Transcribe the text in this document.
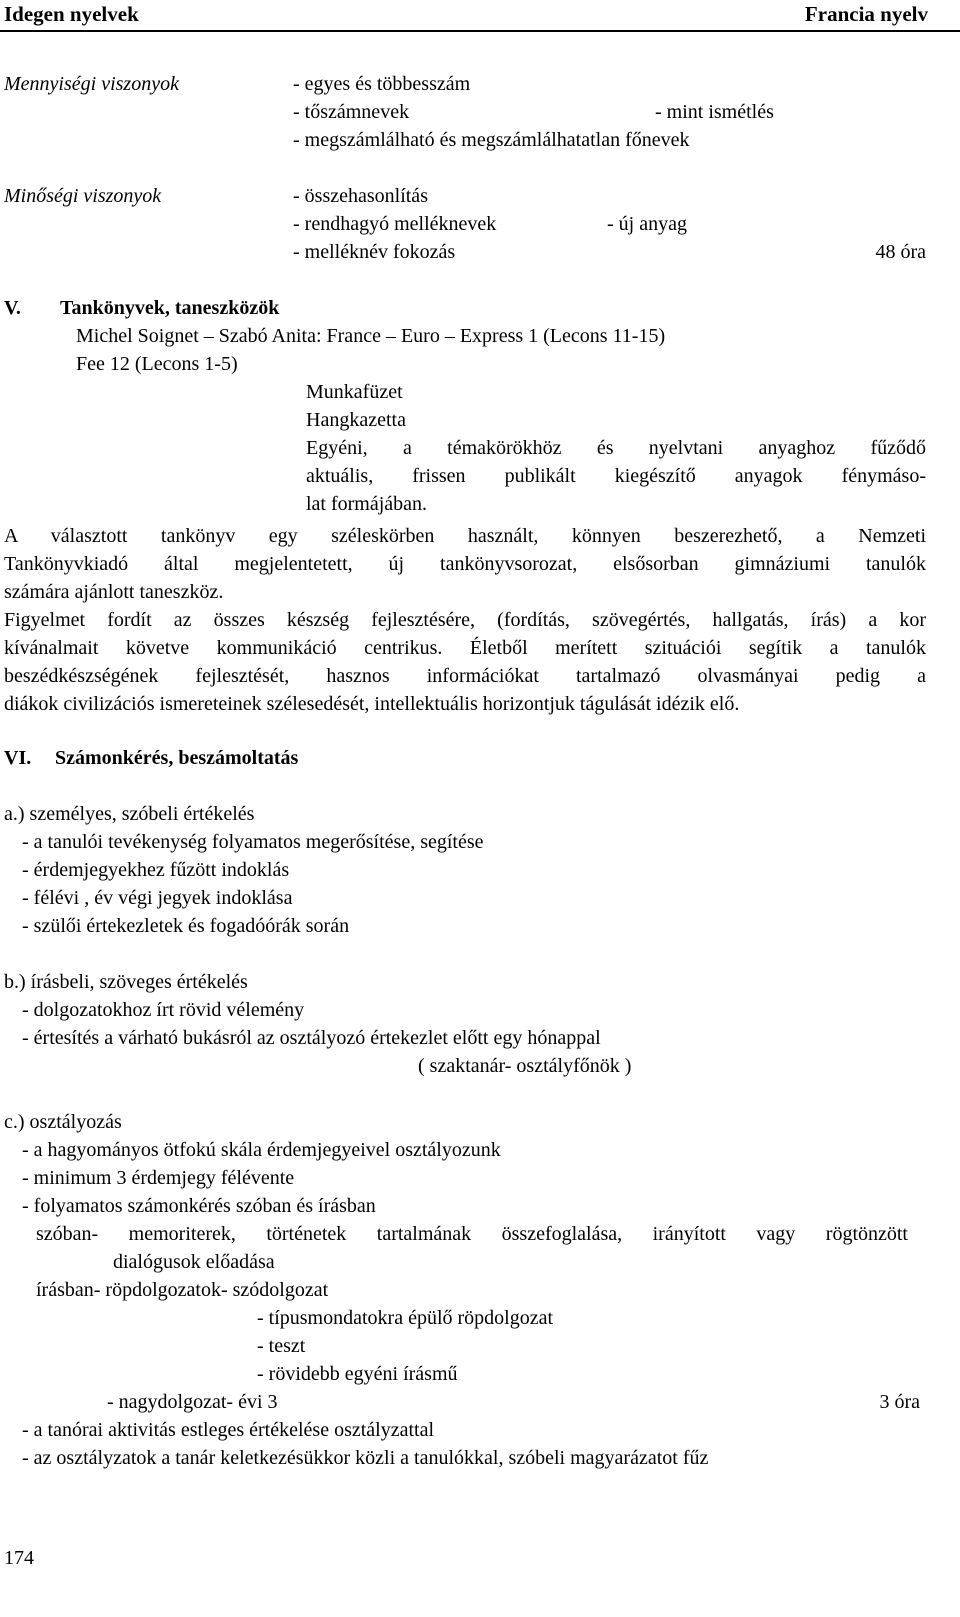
Idegen nyelvek	Francia nyelv
Mennyiségi viszonyok	- egyes és többesszám
- tőszámnevek	- mint ismétlés
- megszámlálható és megszámlálhatatlan főnevek
Minőségi viszonyok	- összehasonlítás
- rendhagyó melléknevek	- új anyag
- melléknév fokozás	48 óra
V. Tankönyvek, taneszközök
Michel Soignet – Szabó Anita: France – Euro – Express 1 (Lecons 11-15)
Fee 12 (Lecons 1-5)
Munkafüzet
Hangkazetta
Egyéni, a témakörökhöz és nyelvtani anyaghoz fűződő
aktuális, frissen publikált kiegészítő anyagok fénymáso-
lat formájában.
A választott tankönyv egy széleskörben használt, könnyen beszerezhető, a Nemzeti
Tankönyvkiadó által megjelentetett, új tankönyvsorozat, elsősorban gimnáziumi tanulók
számára ajánlott taneszköz.
Figyelmet fordít az összes készség fejlesztésére, (fordítás, szövegértés, hallgatás, írás) a kor
kívánalmait követve kommunikáció centrikus. Életből merített szituációi segítik a tanulók
beszédkészségének fejlesztését, hasznos információkat tartalmazó olvasmányai pedig a
diákok civilizációs ismereteinek szélesedését, intellektuális horizontjuk tágulását idézik elő.
VI. Számonkérés, beszámoltatás
a.) személyes, szóbeli értékelés
- a tanulói tevékenység folyamatos megerősítése, segítése
- érdemjegyekhez fűzött indoklás
- félévi , év végi jegyek indoklása
- szülői értekezletek és fogadóórák során
b.) írásbeli, szöveges értékelés
- dolgozatokhoz írt rövid vélemény
- értesítés a várható bukásról az osztályozó értekezlet előtt egy hónappal
( szaktanár- osztályfőnök )
c.) osztályozás
- a hagyományos ötfokú skála érdemjegyeivel osztályozunk
- minimum 3 érdemjegy félévente
- folyamatos számonkérés szóban és írásban
szóban- memoriterek, történetek tartalmának összefoglalása, irányított vagy rögtönzött
dialógusok előadása
írásban- röpdolgozatok- szódolgozat
- típusmondatokra épülő röpdolgozat
- teszt
- rövidebb egyéni írásmű
- nagydolgozat- évi 3	3 óra
- a tanórai aktivitás estleges értékelése osztályzattal
- az osztályzatok a tanár keletkezésükkor közli a tanulókkal, szóbeli magyarázatot fűz
174
